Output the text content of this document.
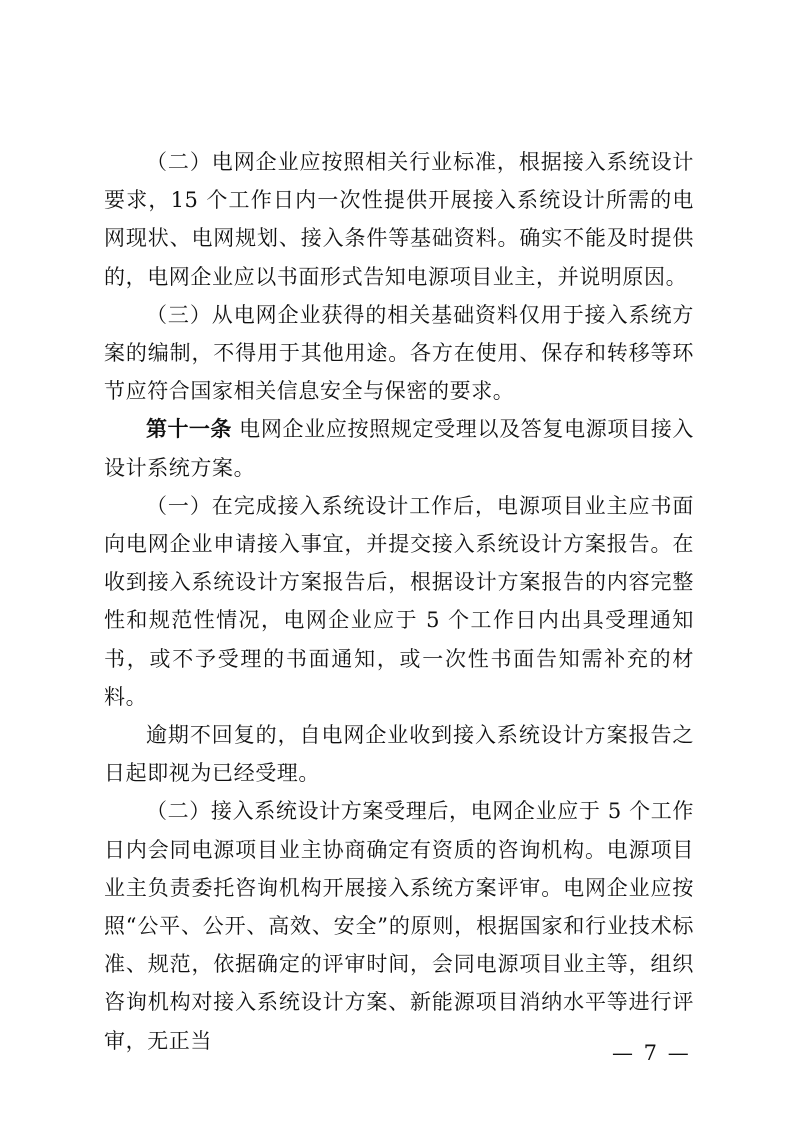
（二）电网企业应按照相关行业标准，根据接入系统设计要求，15 个工作日内一次性提供开展接入系统设计所需的电网现状、电网规划、接入条件等基础资料。确实不能及时提供的，电网企业应以书面形式告知电源项目业主，并说明原因。

（三）从电网企业获得的相关基础资料仅用于接入系统方案的编制，不得用于其他用途。各方在使用、保存和转移等环节应符合国家相关信息安全与保密的要求。

第十一条 电网企业应按照规定受理以及答复电源项目接入设计系统方案。

（一）在完成接入系统设计工作后，电源项目业主应书面向电网企业申请接入事宜，并提交接入系统设计方案报告。在收到接入系统设计方案报告后，根据设计方案报告的内容完整性和规范性情况，电网企业应于 5 个工作日内出具受理通知书，或不予受理的书面通知，或一次性书面告知需补充的材料。

逾期不回复的，自电网企业收到接入系统设计方案报告之日起即视为已经受理。

（二）接入系统设计方案受理后，电网企业应于 5 个工作日内会同电源项目业主协商确定有资质的咨询机构。电源项目业主负责委托咨询机构开展接入系统方案评审。电网企业应按照“公平、公开、高效、安全”的原则，根据国家和行业技术标准、规范，依据确定的评审时间，会同电源项目业主等，组织咨询机构对接入系统设计方案、新能源项目消纳水平等进行评审，无正当

— 7 —
